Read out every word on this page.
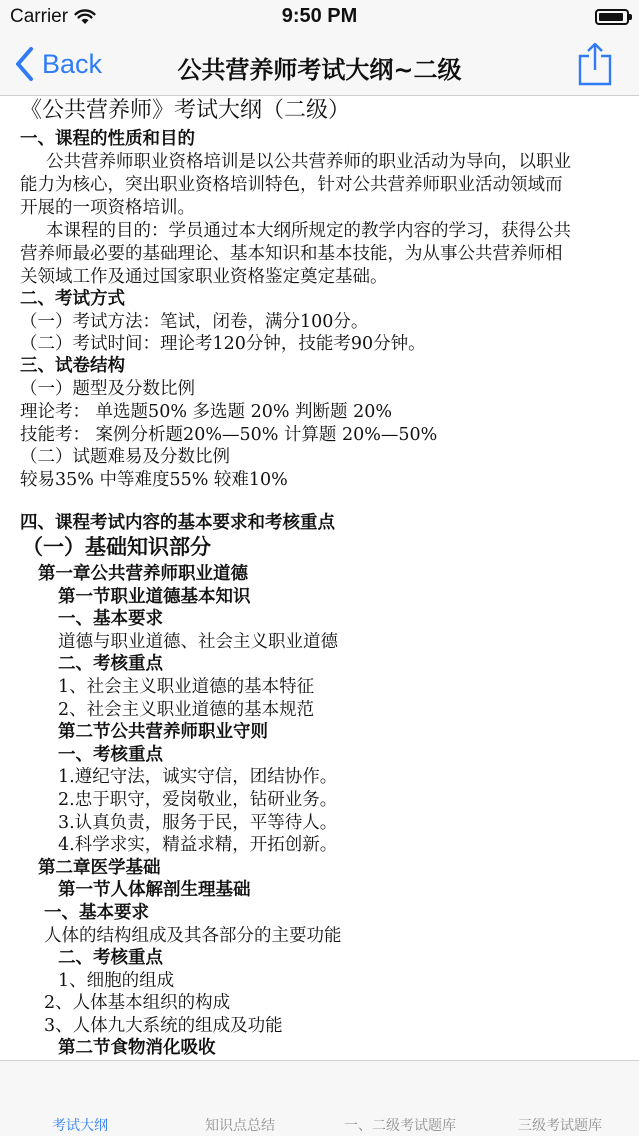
Carrier	9:50 PM
Back	公共营养师考试大纲~二级
《公共营养师》考试大纲（二级）
一、课程的性质和目的
公共营养师职业资格培训是以公共营养师的职业活动为导向，以职业
能力为核心，突出职业资格培训特色，针对公共营养师职业活动领域而
开展的一项资格培训。
本课程的目的：学员通过本大纲所规定的教学内容的学习，获得公共
营养师最必要的基础理论、基本知识和基本技能，为从事公共营养师相
关领域工作及通过国家职业资格鉴定奠定基础。
二、考试方式
（一）考试方法：笔试，闭卷，满分100分。
（二）考试时间：理论考120分钟，技能考90分钟。
三、试卷结构
（一）题型及分数比例
理论考： 单选题50% 多选题 20% 判断题 20%
技能考： 案例分析题20%—50% 计算题 20%—50%
（二）试题难易及分数比例
较易35% 中等难度55% 较难10%
四、课程考试内容的基本要求和考核重点
（一）基础知识部分
第一章公共营养师职业道德
第一节职业道德基本知识
一、基本要求
道德与职业道德、社会主义职业道德
二、考核重点
1、社会主义职业道德的基本特征
2、社会主义职业道德的基本规范
第二节公共营养师职业守则
一、考核重点
1.遵纪守法，诚实守信，团结协作。
2.忠于职守，爱岗敬业，钻研业务。
3.认真负责，服务于民，平等待人。
4.科学求实，精益求精，开拓创新。
第二章医学基础
第一节人体解剖生理基础
一、基本要求
人体的结构组成及其各部分的主要功能
二、考核重点
1、细胞的组成
2、人体基本组织的构成
3、人体九大系统的组成及功能
第二节食物消化吸收
考试大纲	知识点总结	一、二级考试题库	三级考试题库
